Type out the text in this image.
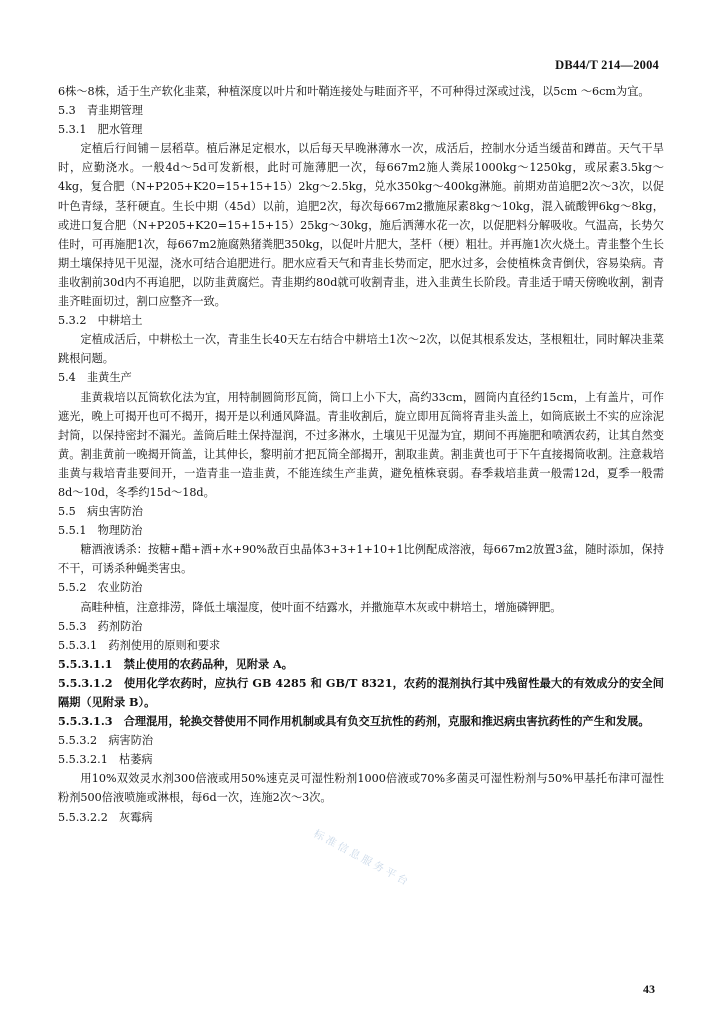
DB44/T 214—2004

6株～8株，适于生产软化韭菜，种植深度以叶片和叶鞘连接处与畦面齐平，不可种得过深或过浅，以5cm ～6cm为宜。

5.3　青韭期管理

5.3.1　肥水管理

定植后行间铺－层稻草。植后淋足定根水，以后每天早晚淋薄水一次，成活后，控制水分适当缓苗和蹲苗。天气干旱时，应勤浇水。一般4d～5d可发新根，此时可施薄肥一次，每667m2施人粪尿1000kg～1250kg，或尿素3.5kg～4kg，复合肥（N+P205+K20=15+15+15）2kg～2.5kg，兑水350kg～400kg淋施。前期劝苗追肥2次～3次，以促叶色青绿，茎秆硬直。生长中期（45d）以前，追肥2次，每次每667m2撒施尿素8kg～10kg，混入硫酸钾6kg～8kg，或进口复合肥（N+P205+K20=15+15+15）25kg～30kg，施后洒薄水花一次，以促肥料分解吸收。气温高，长势欠佳时，可再施肥1次，每667m2施腐熟猪粪肥350kg，以促叶片肥大，茎杆（梗）粗壮。并再施1次火烧土。青韭整个生长期土壤保持见干见湿，浇水可结合追肥进行。肥水应看天气和青韭长势而定，肥水过多，会使植株贪青倒伏，容易染病。青韭收割前30d内不再追肥，以防韭黄腐烂。青韭期约80d就可收割青韭，进入韭黄生长阶段。青韭适于晴天傍晚收割，割青韭齐畦面切过，割口应整齐一致。

5.3.2　中耕培土

定植成活后，中耕松土一次，青韭生长40天左右结合中耕培土1次～2次，以促其根系发达，茎根粗壮，同时解决韭菜跳根问题。

5.4　韭黄生产

韭黄栽培以瓦筒软化法为宜，用特制圆筒形瓦筒，筒口上小下大，高约33cm，圆筒内直径约15cm，上有盖片，可作遮光，晚上可揭开也可不揭开，揭开是以利通风降温。青韭收割后，旋立即用瓦筒将青韭头盖上，如筒底嵌土不实的应涂泥封筒，以保持密封不漏光。盖筒后畦土保持湿润，不过多淋水，土壤见干见湿为宜，期间不再施肥和喷洒农药，让其自然变黄。割韭黄前一晚揭开筒盖，让其伸长，黎明前才把瓦筒全部揭开，割取韭黄。割韭黄也可于下午直接揭筒收割。注意栽培韭黄与栽培青韭要间开，一造青韭一造韭黄，不能连续生产韭黄，避免植株衰弱。春季栽培韭黄一般需12d，夏季一般需8d～10d，冬季约15d～18d。

5.5　病虫害防治

5.5.1　物理防治

糖酒液诱杀：按糖+醋+酒+水+90%敌百虫晶体3+3+1+10+1比例配成溶液，每667m2放置3盆，随时添加，保持不干，可诱杀种蝇类害虫。

5.5.2　农业防治

高畦种植，注意排涝，降低土壤湿度，使叶面不结露水，并撒施草木灰或中耕培土，增施磷钾肥。

5.5.3　药剂防治

5.5.3.1　药剂使用的原则和要求

5.5.3.1.1　禁止使用的农药品种，见附录 A。

5.5.3.1.2　使用化学农药时，应执行 GB 4285 和 GB/T 8321，农药的混剂执行其中残留性最大的有效成分的安全间隔期（见附录 B）。

5.5.3.1.3　合理混用，轮换交替使用不同作用机制或具有负交互抗性的药剂，克服和推迟病虫害抗药性的产生和发展。

5.5.3.2　病害防治

5.5.3.2.1　枯萎病

用10%双效灵水剂300倍液或用50%速克灵可湿性粉剂1000倍液或70%多菌灵可湿性粉剂与50%甲基托布津可湿性粉剂500倍液喷施或淋根，每6d一次，连施2次～3次。

5.5.3.2.2　灰霉病

标准信息服务平台
43
